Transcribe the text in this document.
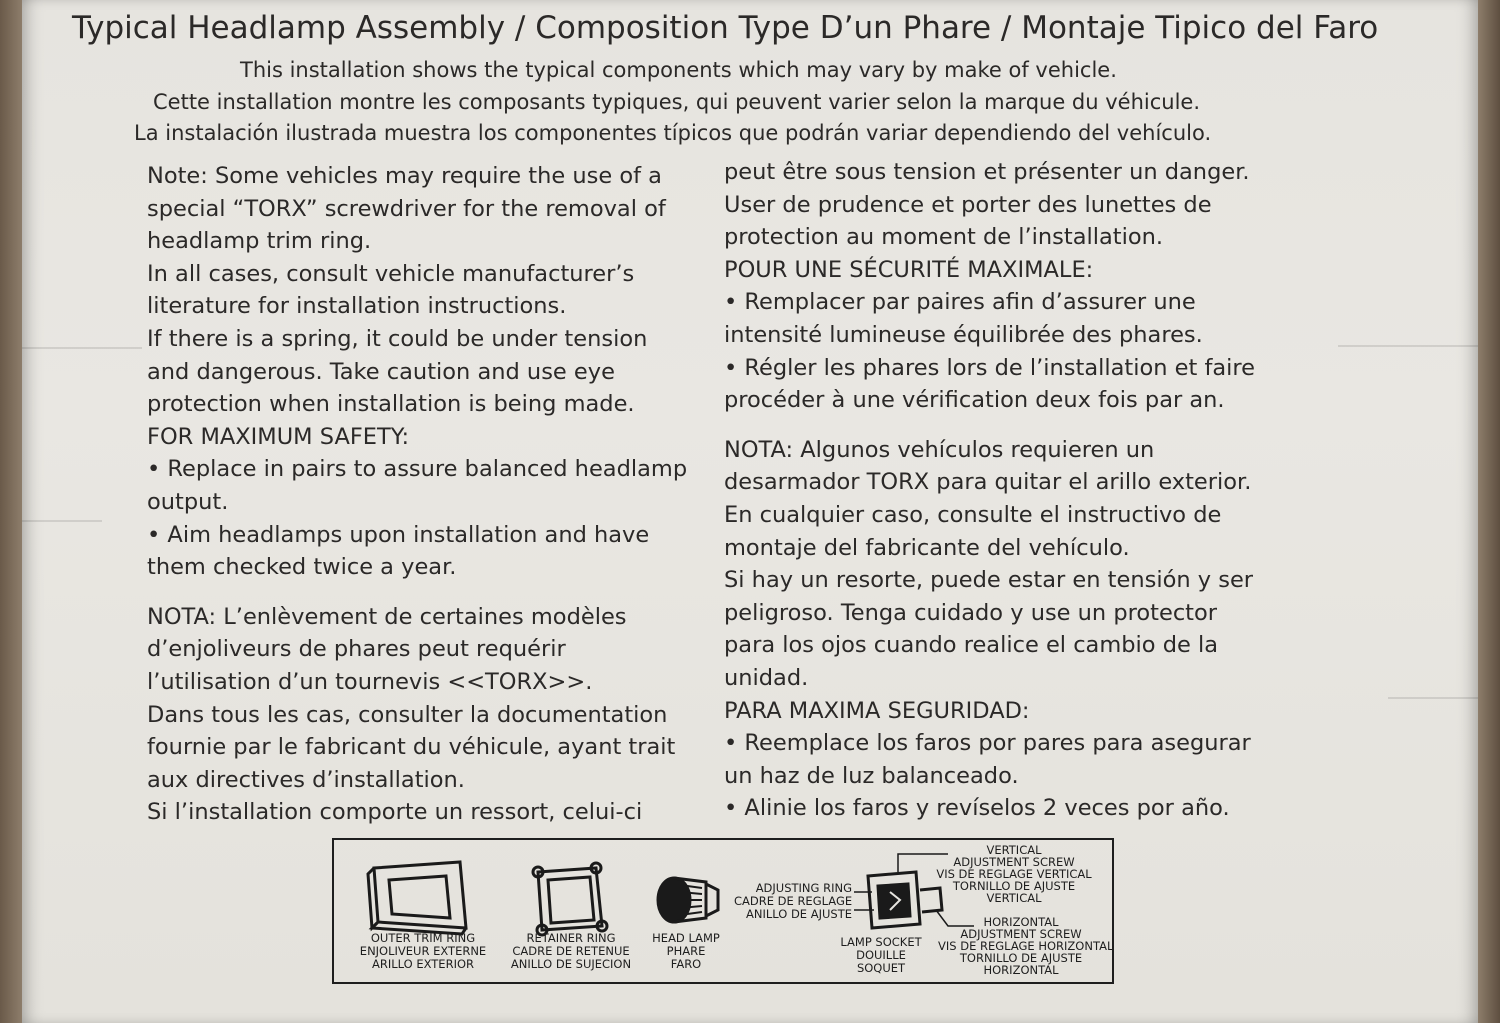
Typical Headlamp Assembly / Composition Type D’un Phare / Montaje Tipico del Faro
This installation shows the typical components which may vary by make of vehicle.
Cette installation montre les composants typiques, qui peuvent varier selon la marque du véhicule.
La instalación ilustrada muestra los componentes típicos que podrán variar dependiendo del vehículo.

Note: Some vehicles may require the use of a

special “TORX” screwdriver for the removal of

headlamp trim ring.

In all cases, consult vehicle manufacturer’s

literature for installation instructions.

If there is a spring, it could be under tension

and dangerous. Take caution and use eye

protection when installation is being made.

FOR MAXIMUM SAFETY:

• Replace in pairs to assure balanced headlamp

output.

• Aim headlamps upon installation and have

them checked twice a year.

NOTA: L’enlèvement de certaines modèles

d’enjoliveurs de phares peut requérir

l’utilisation d’un tournevis <<TORX>>.

Dans tous les cas, consulter la documentation

fournie par le fabricant du véhicule, ayant trait

aux directives d’installation.

Si l’installation comporte un ressort, celui-ci

peut être sous tension et présenter un danger.

User de prudence et porter des lunettes de

protection au moment de l’installation.

POUR UNE SÉCURITÉ MAXIMALE:

• Remplacer par paires afin d’assurer une

intensité lumineuse équilibrée des phares.

• Régler les phares lors de l’installation et faire

procéder à une vérification deux fois par an.

NOTA: Algunos vehículos requieren un

desarmador TORX para quitar el arillo exterior.

En cualquier caso, consulte el instructivo de

montaje del fabricante del vehículo.

Si hay un resorte, puede estar en tensión y ser

peligroso. Tenga cuidado y use un protector

para los ojos cuando realice el cambio de la

unidad.

PARA MAXIMA SEGURIDAD:

• Reemplace los faros por pares para asegurar

un haz de luz balanceado.

• Alinie los faros y revíselos 2 veces por año.

OUTER TRIM RING
ENJOLIVEUR EXTERNE
ARILLO EXTERIOR
RETAINER RING
CADRE DE RETENUE
ANILLO DE SUJECION
HEAD LAMP
PHARE
FARO
ADJUSTING RING
CADRE DE REGLAGE
ANILLO DE AJUSTE
LAMP SOCKET
DOUILLE
SOQUET
VERTICAL
ADJUSTMENT SCREW
VIS DE REGLAGE VERTICAL
TORNILLO DE AJUSTE
VERTICAL
HORIZONTAL
ADJUSTMENT SCREW
VIS DE REGLAGE HORIZONTAL
TORNILLO DE AJUSTE
HORIZONTAL
